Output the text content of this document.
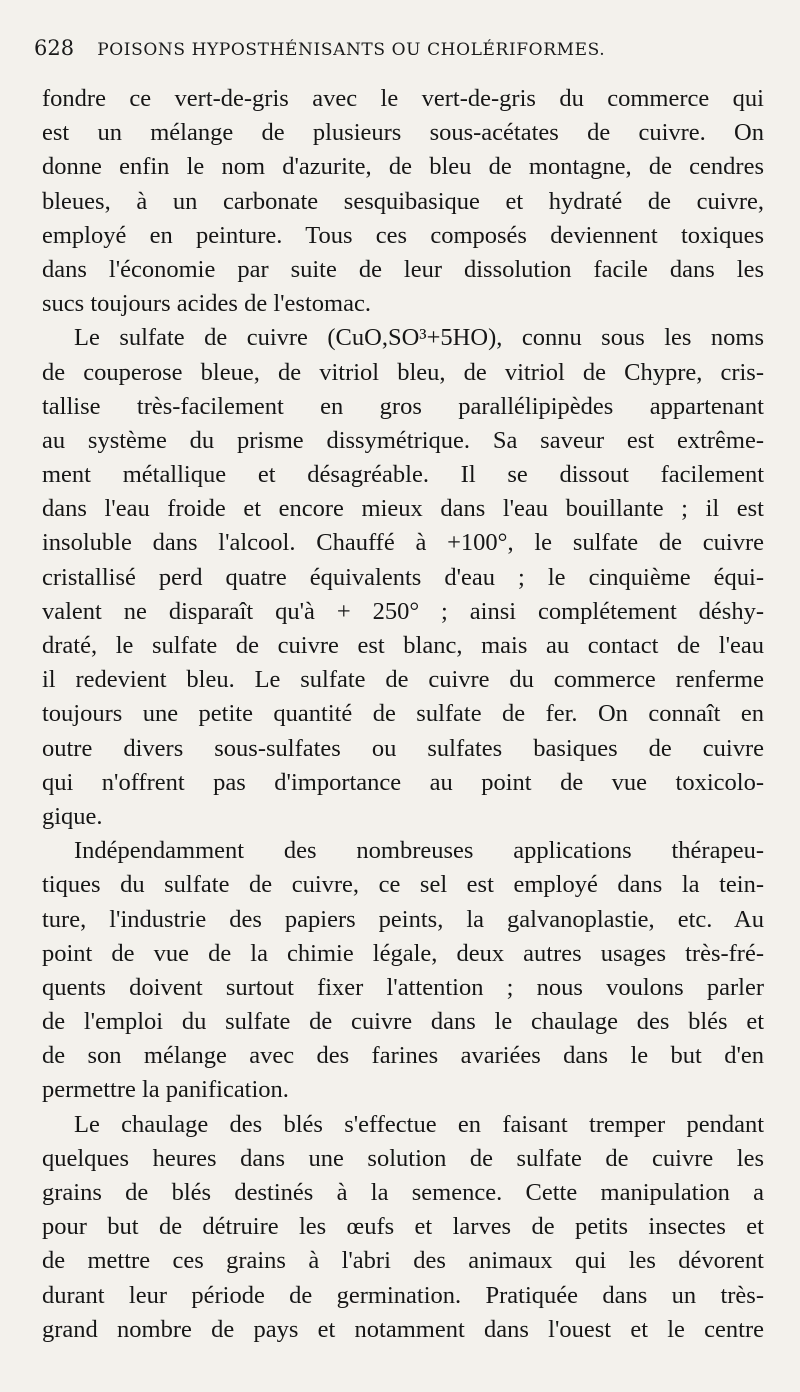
628 POISONS HYPOSTHÉNISANTS OU CHOLÉRIFORMES.
fondre ce vert-de-gris avec le vert-de-gris du commerce qui
est un mélange de plusieurs sous-acétates de cuivre. On
donne enfin le nom d'azurite, de bleu de montagne, de cendres
bleues, à un carbonate sesquibasique et hydraté de cuivre,
employé en peinture. Tous ces composés deviennent toxiques
dans l'économie par suite de leur dissolution facile dans les
sucs toujours acides de l'estomac.
Le sulfate de cuivre (CuO,SO³+5HO), connu sous les noms
de couperose bleue, de vitriol bleu, de vitriol de Chypre, cris-
tallise très-facilement en gros parallélipipèdes appartenant
au système du prisme dissymétrique. Sa saveur est extrême-
ment métallique et désagréable. Il se dissout facilement
dans l'eau froide et encore mieux dans l'eau bouillante ; il est
insoluble dans l'alcool. Chauffé à +100°, le sulfate de cuivre
cristallisé perd quatre équivalents d'eau ; le cinquième équi-
valent ne disparaît qu'à + 250° ; ainsi complétement déshy-
draté, le sulfate de cuivre est blanc, mais au contact de l'eau
il redevient bleu. Le sulfate de cuivre du commerce renferme
toujours une petite quantité de sulfate de fer. On connaît en
outre divers sous-sulfates ou sulfates basiques de cuivre
qui n'offrent pas d'importance au point de vue toxicolo-
gique.
Indépendamment des nombreuses applications thérapeu-
tiques du sulfate de cuivre, ce sel est employé dans la tein-
ture, l'industrie des papiers peints, la galvanoplastie, etc. Au
point de vue de la chimie légale, deux autres usages très-fré-
quents doivent surtout fixer l'attention ; nous voulons parler
de l'emploi du sulfate de cuivre dans le chaulage des blés et
de son mélange avec des farines avariées dans le but d'en
permettre la panification.
Le chaulage des blés s'effectue en faisant tremper pendant
quelques heures dans une solution de sulfate de cuivre les
grains de blés destinés à la semence. Cette manipulation a
pour but de détruire les œufs et larves de petits insectes et
de mettre ces grains à l'abri des animaux qui les dévorent
durant leur période de germination. Pratiquée dans un très-
grand nombre de pays et notamment dans l'ouest et le centre
